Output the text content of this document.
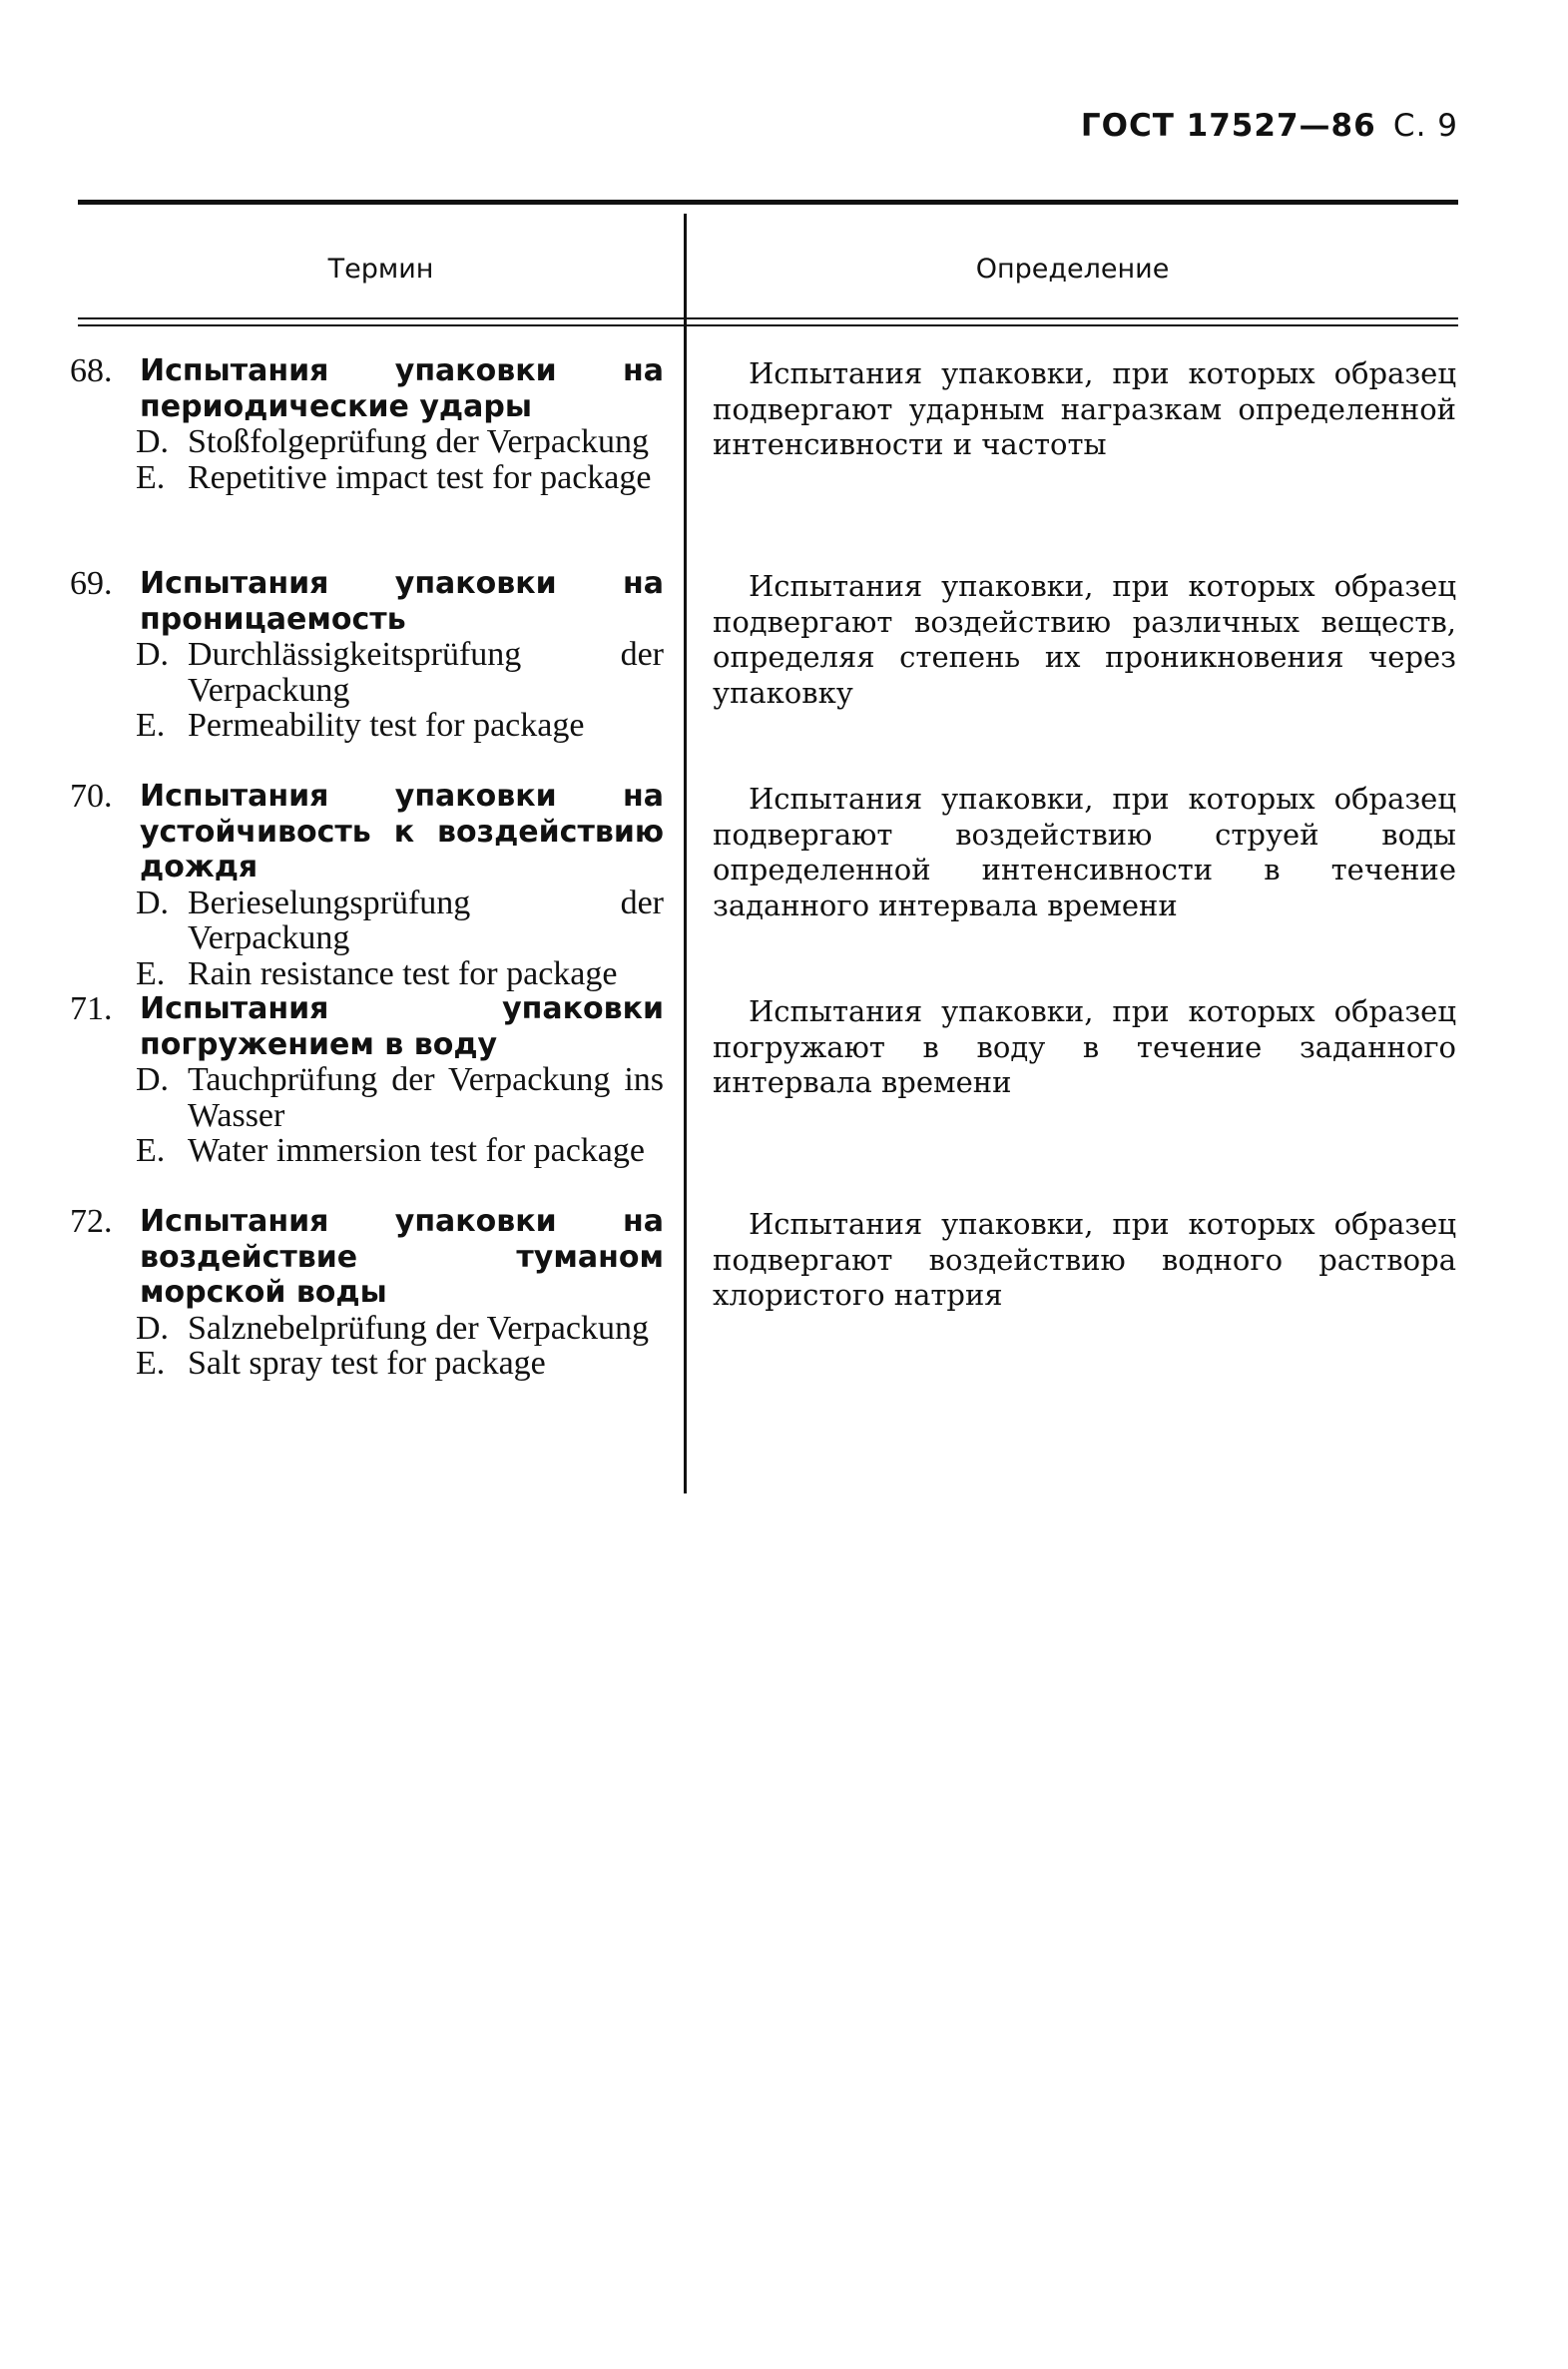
ГОСТ 17527—86 С. 9
Термин	Определение
68. Испытания упаковки на периодические удары
D. Stoßfolgeprüfung der Verpackung
E. Repetitive impact test for package
Испытания упаковки, при которых образец подвергают ударным награзкам определенной интенсивности и частоты
69. Испытания упаковки на проницаемость
D. Durchlässigkeitsprüfung der Verpackung
E. Permeability test for package
Испытания упаковки, при которых образец подвергают воздействию различных веществ, определяя степень их проникновения через упаковку
70. Испытания упаковки на устойчивость к воздействию дождя
D. Berieselungsprüfung der Verpackung
E. Rain resistance test for package
Испытания упаковки, при которых образец подвергают воздействию струей воды определенной интенсивности в течение заданного интервала времени
71. Испытания упаковки погружением в воду
D. Tauchprüfung der Verpackung ins Wasser
E. Water immersion test for package
Испытания упаковки, при которых образец погружают в воду в течение заданного интервала времени
72. Испытания упаковки на воздействие туманом морской воды
D. Salznebelprüfung der Verpackung
E. Salt spray test for package
Испытания упаковки, при которых образец подвергают воздействию водного раствора хлористого натрия
